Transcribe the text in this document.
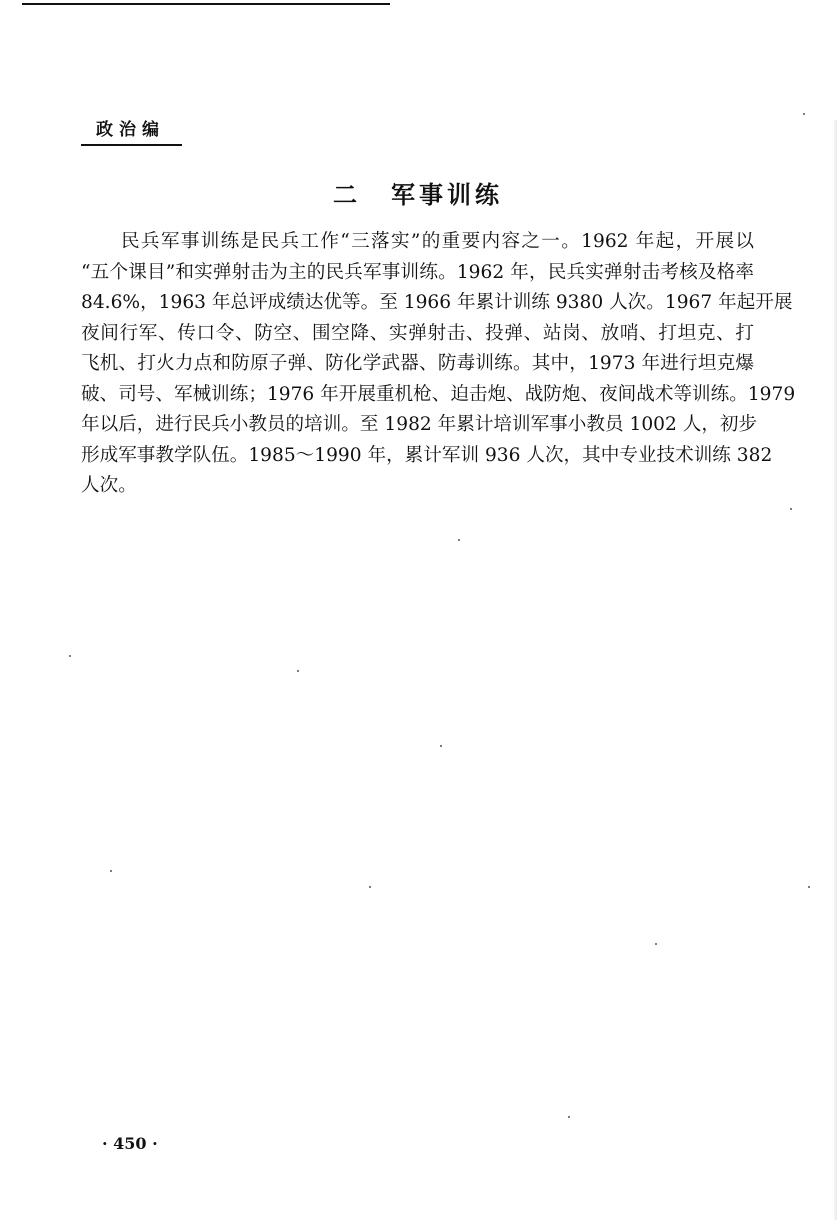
政治编
二 军事训练
民兵军事训练是民兵工作“三落实”的重要内容之一。1962 年起，开展以
“五个课目”和实弹射击为主的民兵军事训练。1962 年，民兵实弹射击考核及格率
84.6%，1963 年总评成绩达优等。至 1966 年累计训练 9380 人次。1967 年起开展
夜间行军、传口令、防空、围空降、实弹射击、投弹、站岗、放哨、打坦克、打
飞机、打火力点和防原子弹、防化学武器、防毒训练。其中，1973 年进行坦克爆
破、司号、军械训练；1976 年开展重机枪、迫击炮、战防炮、夜间战术等训练。1979
年以后，进行民兵小教员的培训。至 1982 年累计培训军事小教员 1002 人，初步
形成军事教学队伍。1985～1990 年，累计军训 936 人次，其中专业技术训练 382
人次。
· 450 ·
